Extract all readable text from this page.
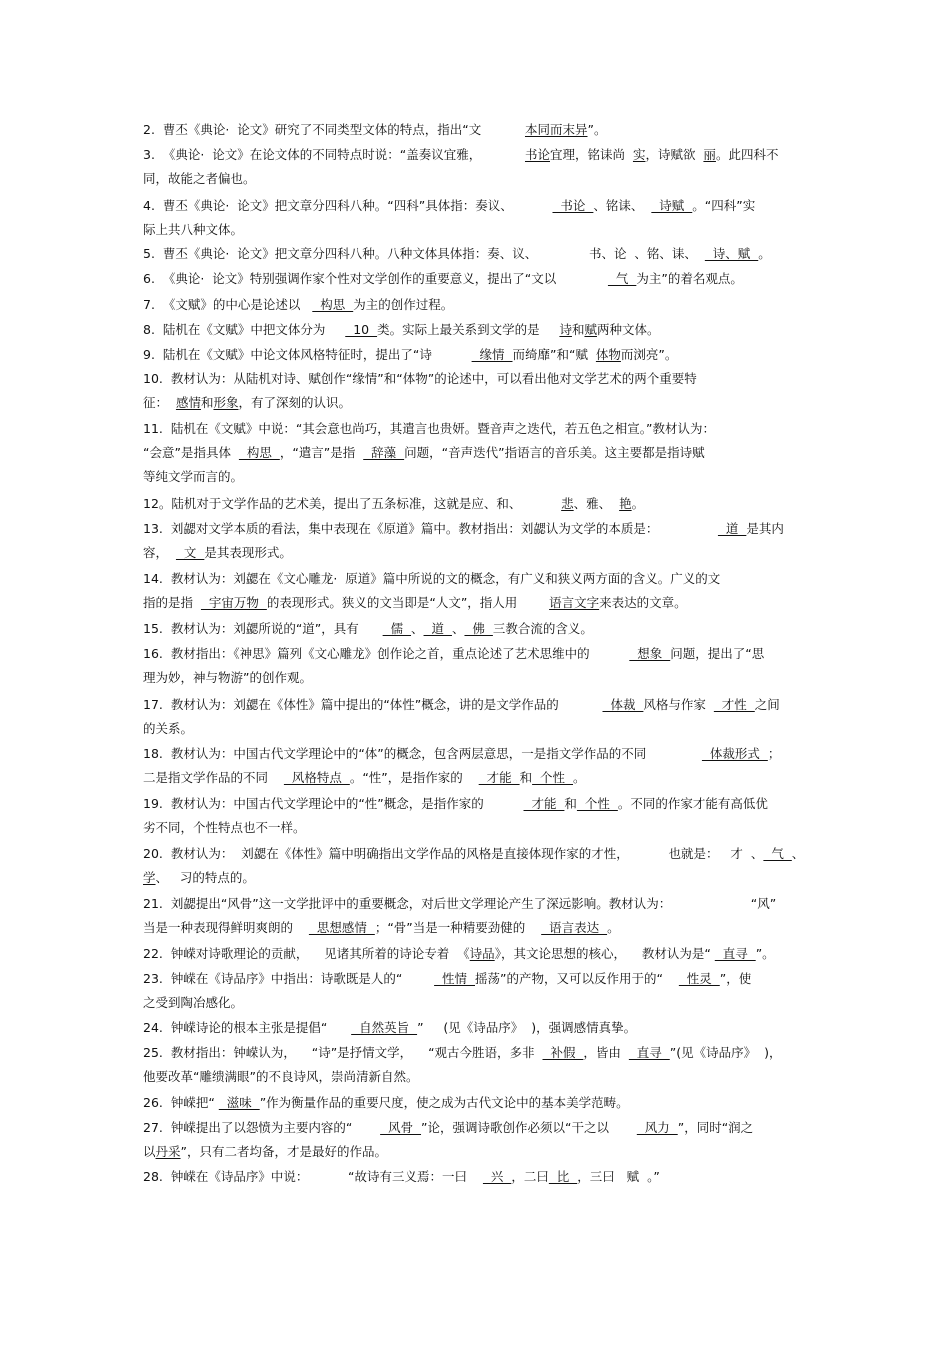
2.  曹丕《典论·  论文》研究了不同类型文体的特点，指出“文           本同而末异”。
3.  《典论·  论文》在论文体的不同特点时说：“盖奏议宜雅，           书论宜理，铭诔尚  实，诗赋欲  丽。此四科不
同，故能之者偏也。
4.  曹丕《典论·  论文》把文章分四科八种。“四科”具体指：奏议、            书论  、铭诔、    诗赋  。“四科”实
际上共八种文体。
5.  曹丕《典论·  论文》把文章分四科八种。八种文体具体指：奏、议、             书、论  、铭、诔、    诗、赋  。
6.  《典论·  论文》特别强调作家个性对文学创作的重要意义，提出了“文以               气  为主”的着名观点。
7.  《文赋》的中心是论述以     构思  为主的创作过程。
8.  陆机在《文赋》中把文体分为       10  类。实际上最关系到文学的是     诗和赋两种文体。
9.  陆机在《文赋》中论文体风格特征时，提出了“诗            缘情  而绮靡”和“赋  体物而浏亮”。
10.  教材认为：从陆机对诗、赋创作“缘情”和“体物”的论述中，可以看出他对文学艺术的两个重要特
征：  感情和形象，有了深刻的认识。
11.  陆机在《文赋》中说：“其会意也尚巧，其遣言也贵妍。暨音声之迭代，若五色之相宣。”教材认为：
“会意”是指具体    构思  ，“遣言”是指    辞藻  问题，“音声迭代”指语言的音乐美。这主要都是指诗赋
等纯文学而言的。
12。陆机对于文学作品的艺术美，提出了五条标准，这就是应、和、          悲、雅、  艳。
13.  刘勰对文学本质的看法，集中表现在《原道》篇中。教材指出：刘勰认为文学的本质是：                 道  是其内
容，    文  是其表现形式。
14.  教材认为：刘勰在《文心雕龙·  原道》篇中所说的文的概念，有广义和狭义两方面的含义。广义的文
指的是指    宇宙万物  的表现形式。狭义的文当即是“人文”，指人用        语言文字来表达的文章。
15.  教材认为：刘勰所说的“道”，具有        儒  、  道  、  佛  三教合流的含义。
16.  教材指出：《神思》篇列《文心雕龙》创作论之首，重点论述了艺术思维中的            想象  问题，提出了“思
理为妙，神与物游”的创作观。
17.  教材认为：刘勰在《体性》篇中提出的“体性”概念，讲的是文学作品的             体裁  风格与作家    才性  之间
的关系。
18.  教材认为：中国古代文学理论中的“体”的概念，包含两层意思，一是指文学作品的不同                体裁形式  ；
二是指文学作品的不同      风格特点  。“性”，是指作家的      才能  和  个性  。
19.  教材认为：中国古代文学理论中的“性”概念，是指作家的            才能  和  个性  。不同的作家才能有高低优
劣不同，个性特点也不一样。
20.  教材认为：  刘勰在《体性》篇中明确指出文学作品的风格是直接体现作家的才性，          也就是：   才  、  气  、
学、   习的特点的。
21.  刘勰提出“风骨”这一文学批评中的重要概念，对后世文学理论产生了深远影响。教材认为：                    “风”
当是一种表现得鲜明爽朗的      思想感情  ；“骨”当是一种精要劲健的      语言表达  。
22.  钟嵘对诗歌理论的贡献，    见诸其所着的诗论专着  《诗品》，其文论思想的核心，    教材认为是“   直寻  ”。
23.  钟嵘在《诗品序》中指出：诗歌既是人的“          性情  摇荡”的产物，又可以反作用于的“      性灵  ”，使
之受到陶冶感化。
24.  钟嵘诗论的根本主张是提倡“        自然英旨  ”     (见《诗品序》  )，强调感情真挚。
25.  教材指出：钟嵘认为，    “诗”是抒情文学，    “观古今胜语，多非    补假  ，皆由    直寻  ”(见《诗品序》  )，
他要改革“雕缋满眼”的不良诗风，崇尚清新自然。
26.  钟嵘把“   滋味  ”作为衡量作品的重要尺度，使之成为古代文论中的基本美学范畴。
27.  钟嵘提出了以怨愤为主要内容的“         风骨  ”论，强调诗歌创作必须以“干之以         风力  ”，同时“润之
以丹采”，只有二者均备，才是最好的作品。
28.  钟嵘在《诗品序》中说：          “故诗有三义焉：一曰      兴  ，二曰  比  ，三曰   赋  。”
